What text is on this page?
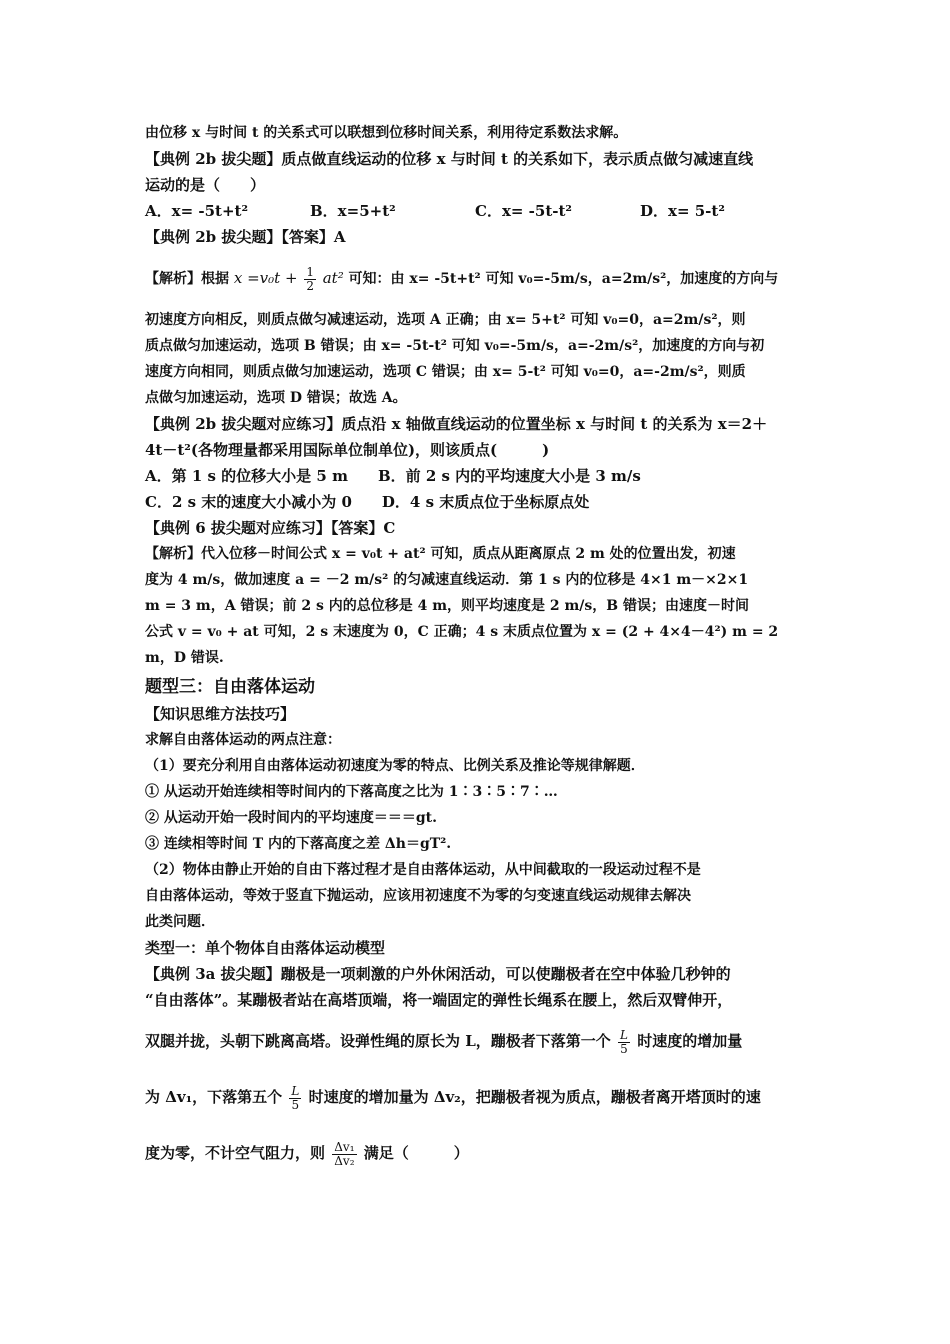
由位移 x 与时间 t 的关系式可以联想到位移时间关系，利用待定系数法求解。
【典例 2b 拔尖题】质点做直线运动的位移 x 与时间 t 的关系如下，表示质点做匀减速直线
运动的是（　　）
A．x= -5t+t²	B．x=5+t²	C．x= -5t-t²	D．x= 5-t²
【典例 2b 拔尖题】【答案】A
【解析】根据 $x =v_0t + \frac{1}{2} at^2$ 可知：由 x= -5t+t² 可知 v₀=-5m/s，a=2m/s²，加速度的方向与
初速度方向相反，则质点做匀减速运动，选项 A 正确；由 x= 5+t² 可知 v₀=0，a=2m/s²，则
质点做匀加速运动，选项 B 错误；由 x= -5t-t² 可知 v₀=-5m/s，a=-2m/s²，加速度的方向与初
速度方向相同，则质点做匀加速运动，选项 C 错误；由 x= 5-t² 可知 v₀=0，a=-2m/s²，则质
点做匀加速运动，选项 D 错误；故选 A。
【典例 2b 拔尖题对应练习】质点沿 x 轴做直线运动的位置坐标 x 与时间 t 的关系为 x＝2＋
4t－t²(各物理量都采用国际单位制单位)，则该质点(　　　)
A．第 1 s 的位移大小是 5 m　　B．前 2 s 内的平均速度大小是 3 m/s
C．2 s 末的速度大小减小为 0　　D．4 s 末质点位于坐标原点处
【典例 6 拔尖题对应练习】【答案】C
【解析】代入位移－时间公式 x = v₀t + at² 可知，质点从距离原点 2 m 处的位置出发，初速
度为 4 m/s，做加速度 a = －2 m/s² 的匀减速直线运动．第 1 s 内的位移是 4×1 m－×2×1
m = 3 m，A 错误；前 2 s 内的总位移是 4 m，则平均速度是 2 m/s，B 错误；由速度－时间
公式 v = v₀ + at 可知，2 s 末速度为 0，C 正确；4 s 末质点位置为 x = (2 + 4×4－4²) m = 2
m，D 错误.
题型三：自由落体运动
【知识思维方法技巧】
求解自由落体运动的两点注意：
（1）要充分利用自由落体运动初速度为零的特点、比例关系及推论等规律解题．
① 从运动开始连续相等时间内的下落高度之比为 1∶3∶5∶7∶…
② 从运动开始一段时间内的平均速度＝＝＝gt.
③ 连续相等时间 T 内的下落高度之差 Δh＝gT².
（2）物体由静止开始的自由下落过程才是自由落体运动，从中间截取的一段运动过程不是
自由落体运动，等效于竖直下抛运动，应该用初速度不为零的匀变速直线运动规律去解决
此类问题．
类型一：单个物体自由落体运动模型
【典例 3a 拔尖题】蹦极是一项刺激的户外休闲活动，可以使蹦极者在空中体验几秒钟的
“自由落体”。某蹦极者站在高塔顶端，将一端固定的弹性长绳系在腰上，然后双臂伸开，
双腿并拢，头朝下跳离高塔。设弹性绳的原长为 L，蹦极者下落第一个 $\frac{L}{5}$ 时速度的增加量
为 Δv₁，下落第五个 $\frac{L}{5}$ 时速度的增加量为 Δv₂，把蹦极者视为质点，蹦极者离开塔顶时的速
度为零，不计空气阻力，则 $\frac{\text{Δv₁}}{\text{Δv₂}}$ 满足（　　　）
